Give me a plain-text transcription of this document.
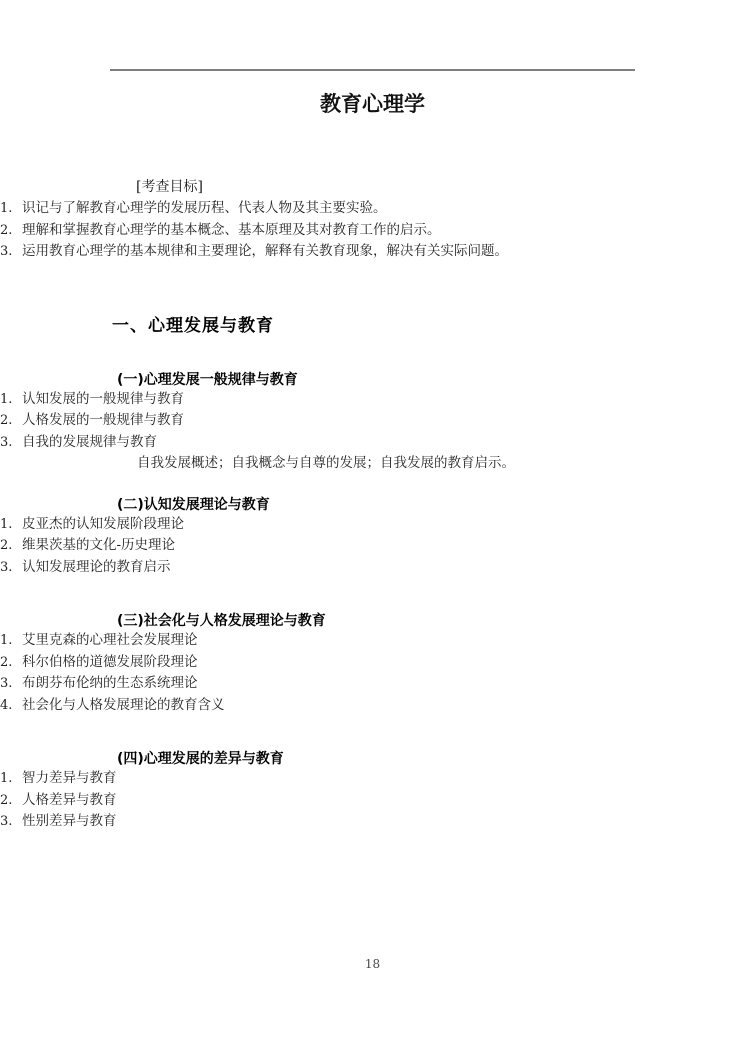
教育心理学
[考查目标]
识记与了解教育心理学的发展历程、代表人物及其主要实验。
理解和掌握教育心理学的基本概念、基本原理及其对教育工作的启示。
运用教育心理学的基本规律和主要理论，解释有关教育现象，解决有关实际问题。
一、心理发展与教育
(一)心理发展一般规律与教育
认知发展的一般规律与教育
人格发展的一般规律与教育
自我的发展规律与教育
自我发展概述；自我概念与自尊的发展；自我发展的教育启示。
(二)认知发展理论与教育
皮亚杰的认知发展阶段理论
维果茨基的文化-历史理论
认知发展理论的教育启示
(三)社会化与人格发展理论与教育
艾里克森的心理社会发展理论
科尔伯格的道德发展阶段理论
布朗芬布伦纳的生态系统理论
社会化与人格发展理论的教育含义
(四)心理发展的差异与教育
智力差异与教育
人格差异与教育
性别差异与教育
18
